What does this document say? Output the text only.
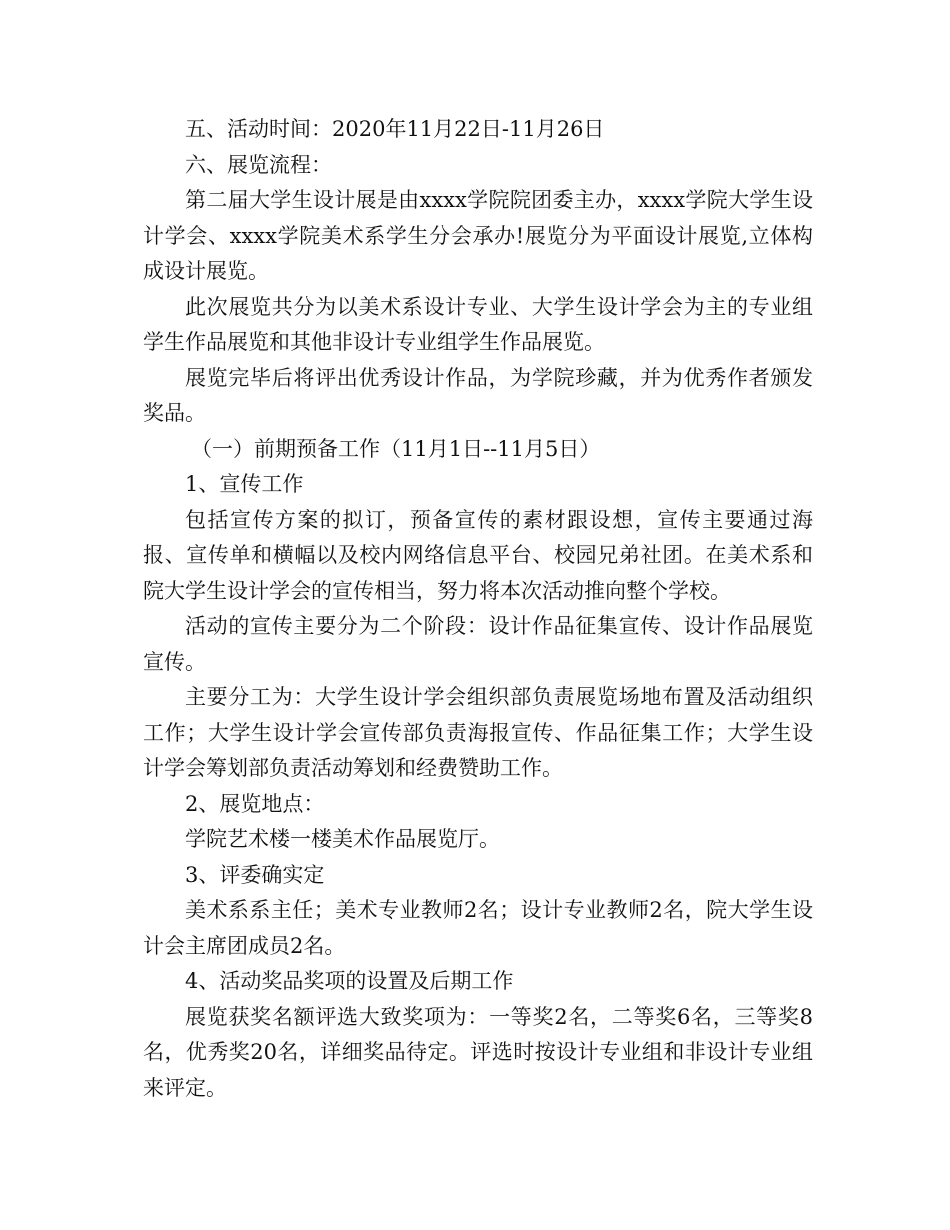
五、活动时间：2020年11月22日-11月26日

六、展览流程：

第二届大学生设计展是由xxxx学院院团委主办，xxxx学院大学生设计学会、xxxx学院美术系学生分会承办!展览分为平面设计展览,立体构成设计展览。

此次展览共分为以美术系设计专业、大学生设计学会为主的专业组学生作品展览和其他非设计专业组学生作品展览。

展览完毕后将评出优秀设计作品，为学院珍藏，并为优秀作者颁发奖品。

（一）前期预备工作（11月1日--11月5日）

1、宣传工作

包括宣传方案的拟订，预备宣传的素材跟设想，宣传主要通过海报、宣传单和横幅以及校内网络信息平台、校园兄弟社团。在美术系和院大学生设计学会的宣传相当，努力将本次活动推向整个学校。

活动的宣传主要分为二个阶段：设计作品征集宣传、设计作品展览宣传。

主要分工为：大学生设计学会组织部负责展览场地布置及活动组织工作；大学生设计学会宣传部负责海报宣传、作品征集工作；大学生设计学会筹划部负责活动筹划和经费赞助工作。

2、展览地点：

学院艺术楼一楼美术作品展览厅。

3、评委确实定

美术系系主任；美术专业教师2名；设计专业教师2名，院大学生设计会主席团成员2名。

4、活动奖品奖项的设置及后期工作

展览获奖名额评选大致奖项为：一等奖2名，二等奖6名，三等奖8名，优秀奖20名，详细奖品待定。评选时按设计专业组和非设计专业组来评定。
